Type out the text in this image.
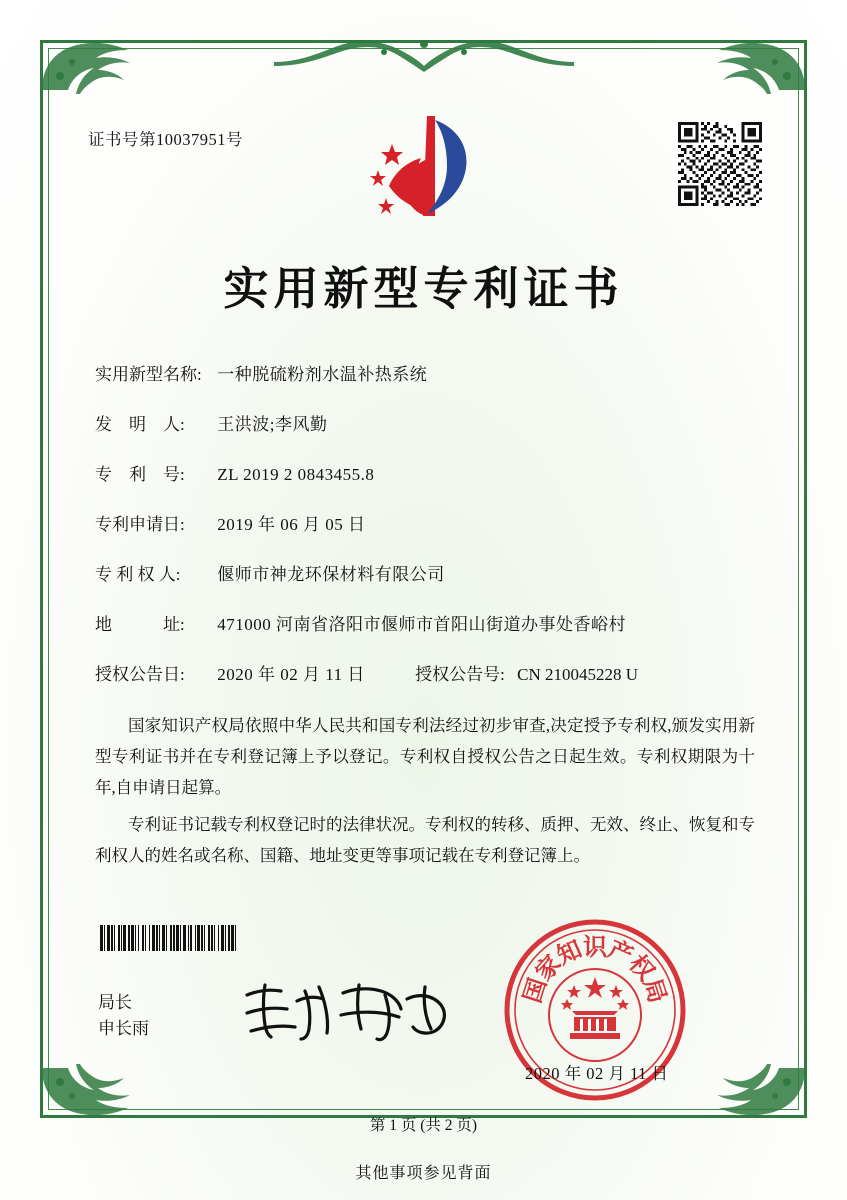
证书号第10037951号
实用新型专利证书
实用新型名称: 一种脱硫粉剂水温补热系统
发　明　人: 王洪波;李风勤
专　利　号: ZL 2019 2 0843455.8
专利申请日: 2019 年 06 月 05 日
专 利 权 人: 偃师市神龙环保材料有限公司
地　　　址: 471000 河南省洛阳市偃师市首阳山街道办事处香峪村
授权公告日: 2020 年 02 月 11 日	授权公告号: CN 210045228 U

国家知识产权局依照中华人民共和国专利法经过初步审查,决定授予专利权,颁发实用新型专利证书并在专利登记簿上予以登记。专利权自授权公告之日起生效。专利权期限为十年,自申请日起算。

专利证书记载专利权登记时的法律状况。专利权的转移、质押、无效、终止、恢复和专利权人的姓名或名称、国籍、地址变更等事项记载在专利登记簿上。

局长
申长雨
国
家
知
识
产
权
局
2020 年 02 月 11 日
第 1 页 (共 2 页)
其他事项参见背面
